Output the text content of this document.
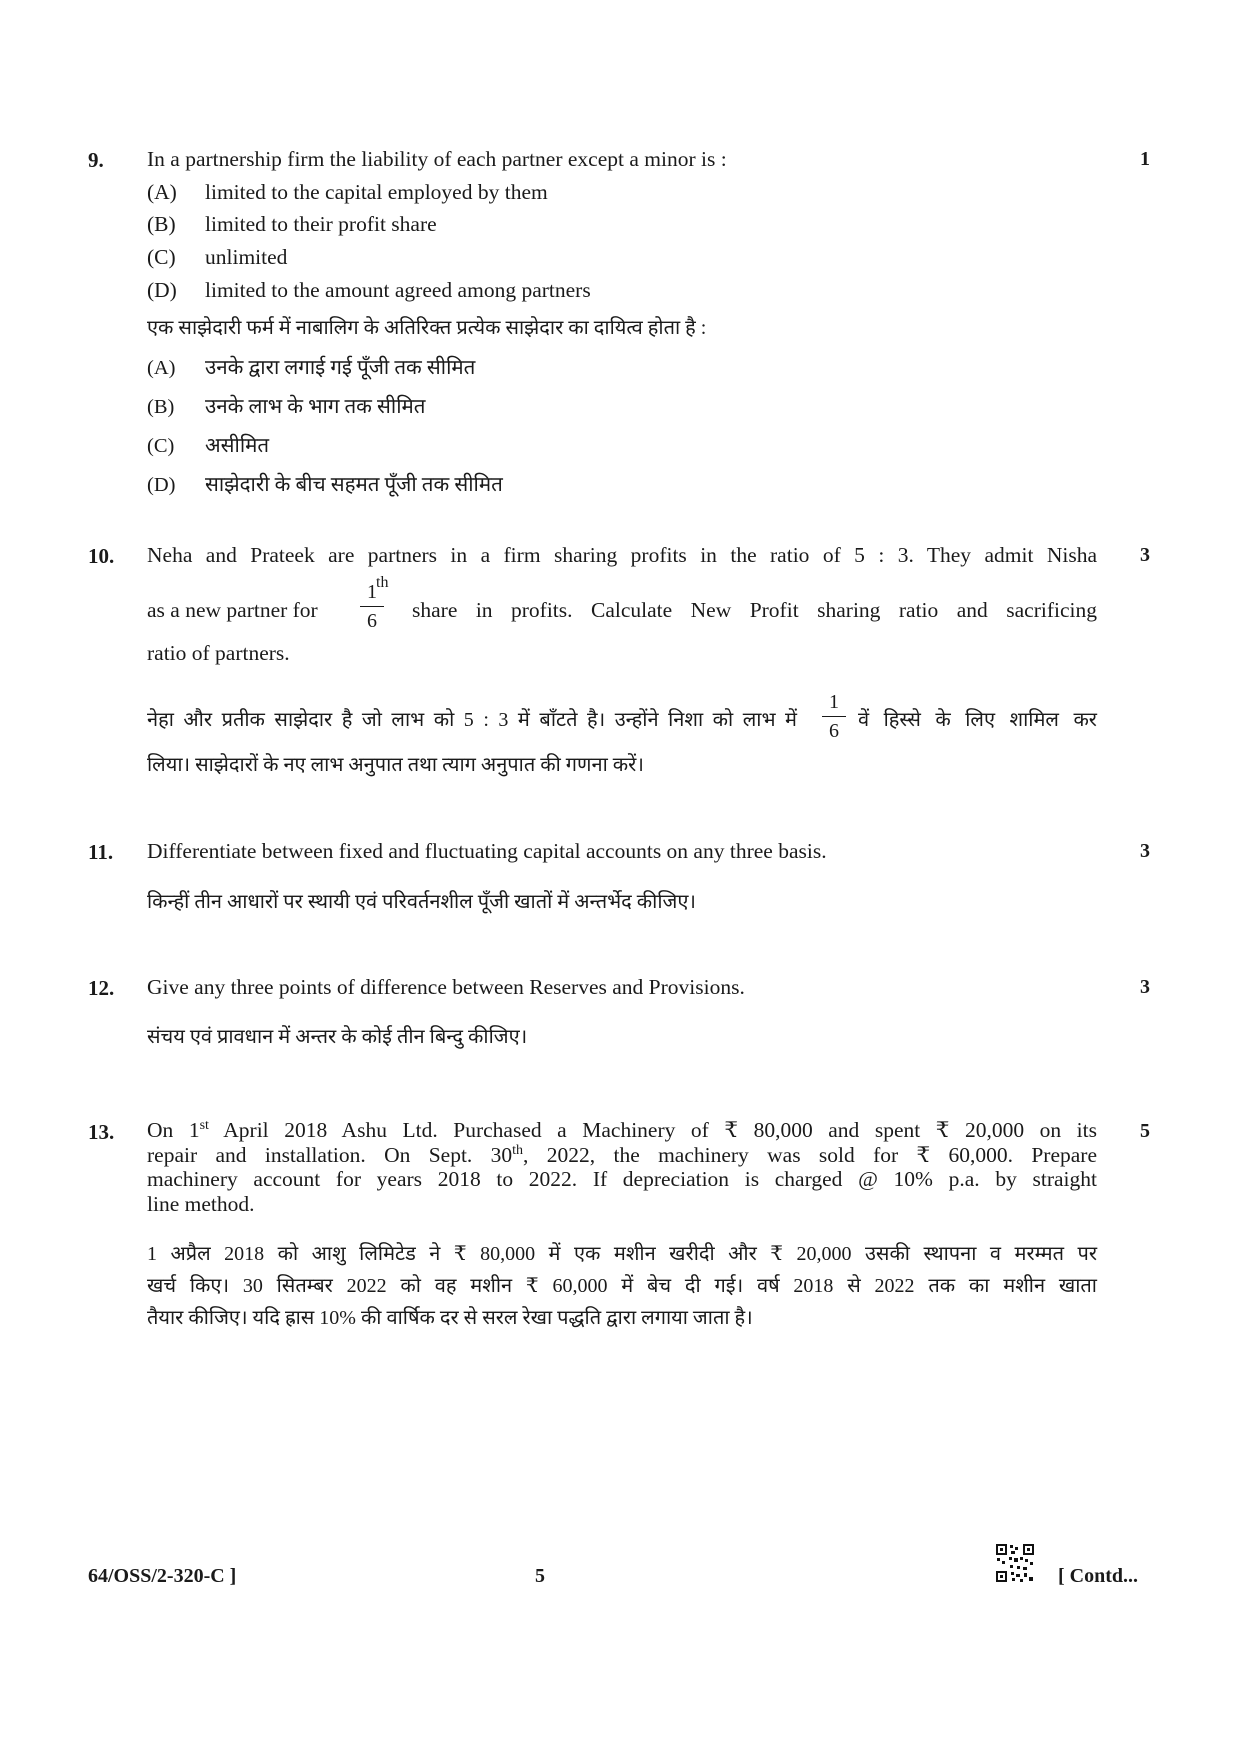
9. In a partnership firm the liability of each partner except a minor is :	1
(A) limited to the capital employed by them
(B) limited to their profit share
(C) unlimited
(D) limited to the amount agreed among partners
एक साझेदारी फर्म में नाबालिग के अतिरिक्त प्रत्येक साझेदार का दायित्व होता है :
(A) उनके द्वारा लगाई गई पूँजी तक सीमित
(B) उनके लाभ के भाग तक सीमित
(C) असीमित
(D) साझेदारी के बीच सहमत पूँजी तक सीमित
10. Neha and Prateek are partners in a firm sharing profits in the ratio of 5 : 3. They admit Nisha 3
as a new partner for
1
6
th
share in profits. Calculate New Profit sharing ratio and sacrificing
ratio of partners.
नेहा और प्रतीक साझेदार है जो लाभ को 5 : 3 में बाँटते है। उन्होंने निशा को लाभ में
1
6 वें हिस्से के लिए शामिल कर
लिया। साझेदारों के नए लाभ अनुपात तथा त्याग अनुपात की गणना करें।
11. Differentiate between fixed and fluctuating capital accounts on any three basis.	3
किन्हीं तीन आधारों पर स्थायी एवं परिवर्तनशील पूँजी खातों में अन्तर्भेद कीजिए।
12. Give any three points of difference between Reserves and Provisions.	3
संचय एवं प्रावधान में अन्तर के कोई तीन बिन्दु कीजिए।
13. On 1st April 2018 Ashu Ltd. Purchased a Machinery of ₹ 80,000 and spent ₹ 20,000 on its 5
repair and installation. On Sept. 30th, 2022, the machinery was sold for ₹ 60,000. Prepare
machinery account for years 2018 to 2022. If depreciation is charged @ 10% p.a. by straight
line method.
1 अप्रैल 2018 को आशु लिमिटेड ने ₹ 80,000 में एक मशीन खरीदी और ₹ 20,000 उसकी स्थापना व मरम्मत पर
खर्च किए। 30 सितम्बर 2022 को वह मशीन ₹ 60,000 में बेच दी गई। वर्ष 2018 से 2022 तक का मशीन खाता
तैयार कीजिए। यदि ह्रास 10% की वार्षिक दर से सरल रेखा पद्धति द्वारा लगाया जाता है।
64/OSS/2-320-C ]	5	[ Contd...
